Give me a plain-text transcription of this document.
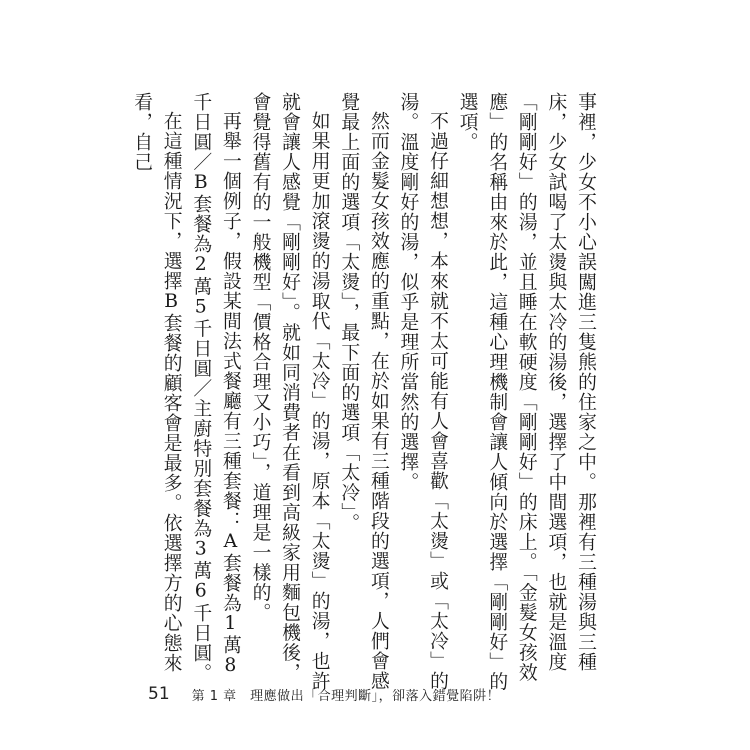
事裡，少女不小心誤闖進三隻熊的住家之中。那裡有三種湯與三種床，少女試喝了太燙與太冷的湯後，選擇了中間選項，也就是溫度「剛剛好」的湯，並且睡在軟硬度「剛剛好」的床上。「金髮女孩效應」的名稱由來於此，這種心理機制會讓人傾向於選擇「剛剛好」的選項。

不過仔細想想，本來就不太可能有人會喜歡「太燙」或「太冷」的湯。溫度剛好的湯，似乎是理所當然的選擇。

然而金髮女孩效應的重點，在於如果有三種階段的選項，人們會感覺最上面的選項「太燙」，最下面的選項「太冷」。

如果用更加滾燙的湯取代「太冷」的湯，原本「太燙」的湯，也許就會讓人感覺「剛剛好」。就如同消費者在看到高級家用麵包機後，會覺得舊有的一般機型「價格合理又小巧」，道理是一樣的。

再舉一個例子，假設某間法式餐廳有三種套餐：A套餐為1萬8千日圓／B套餐為2萬5千日圓／主廚特別套餐為3萬6千日圓。

在這種情況下，選擇B套餐的顧客會是最多。依選擇方的心態來看，自己

51 第 1 章　理應做出「合理判斷」，卻落入錯覺陷阱！
